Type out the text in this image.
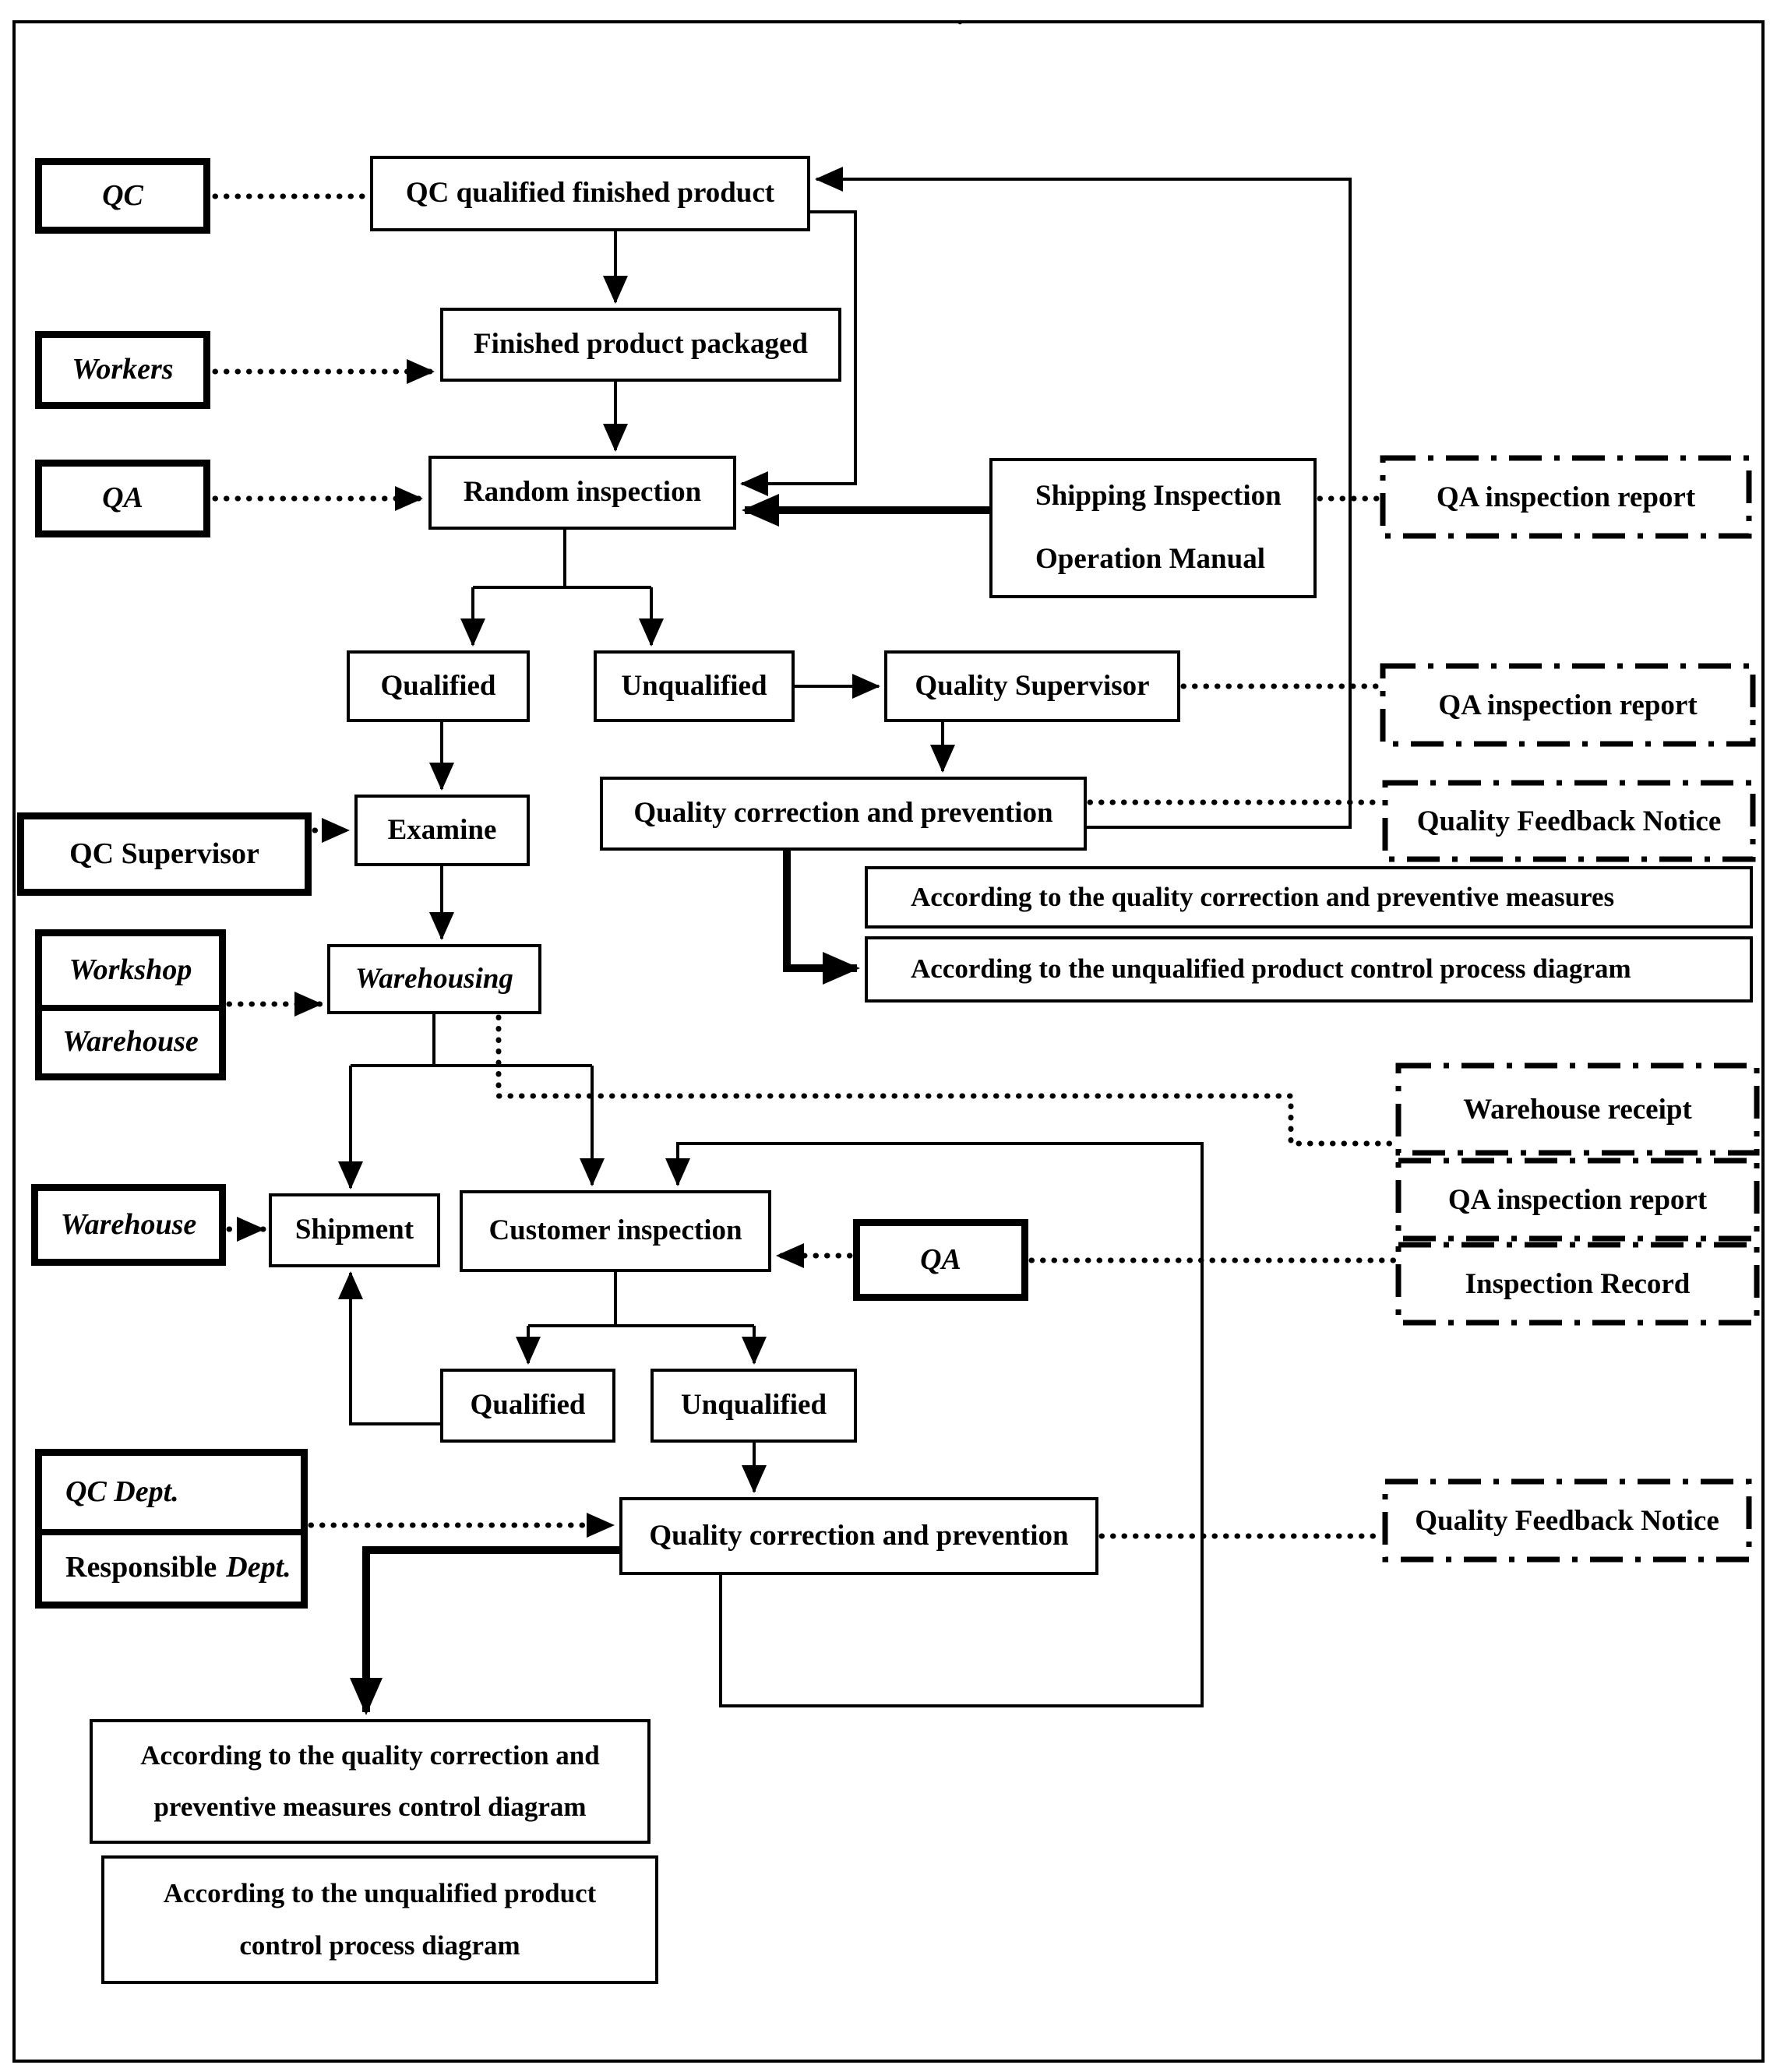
.
QC
Workers
QA
QC Supervisor
Workshop
Warehouse
Warehouse
QC Dept.
Responsible Dept.
QA
QC qualified finished product
Finished product packaged
Random inspection
Qualified	Unqualified	Quality Supervisor
Examine
Quality correction and prevention
According to the quality correction and preventive measures
According to the unqualified product control process diagram
Warehousing
Shipment	Customer inspection
Qualified	Unqualified
Quality correction and prevention
Shipping Inspection
Operation Manual
According to the quality correction and
preventive measures control diagram
According to the unqualified product
control process diagram
QA inspection report
QA inspection report
Quality Feedback Notice
Warehouse receipt
QA inspection report
Inspection Record
Quality Feedback Notice
